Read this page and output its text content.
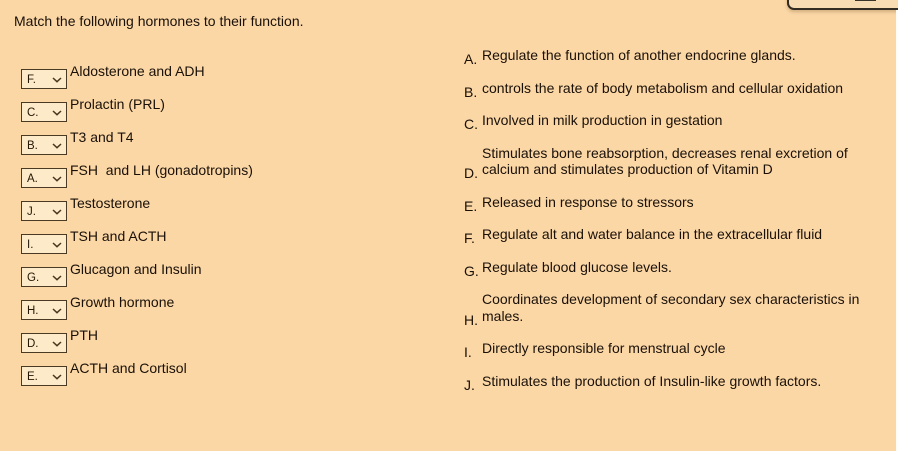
Match the following hormones to their function.
F.
Aldosterone and ADH
C.
Prolactin (PRL)
B.
T3 and T4
A.
FSH  and LH (gonadotropins)
J.
Testosterone
I.
TSH and ACTH
G.
Glucagon and Insulin
H.
Growth hormone
D.
PTH
E.
ACTH and Cortisol
A. Regulate the function of another endocrine glands.
B. controls the rate of body metabolism and cellular oxidation
C. Involved in milk production in gestation
D.
Stimulates bone reabsorption, decreases renal excretion of calcium and stimulates production of Vitamin D
E. Released in response to stressors
F. Regulate alt and water balance in the extracellular fluid
G. Regulate blood glucose levels.
H.
Coordinates development of secondary sex characteristics in males.
I. Directly responsible for menstrual cycle
J. Stimulates the production of Insulin-like growth factors.
